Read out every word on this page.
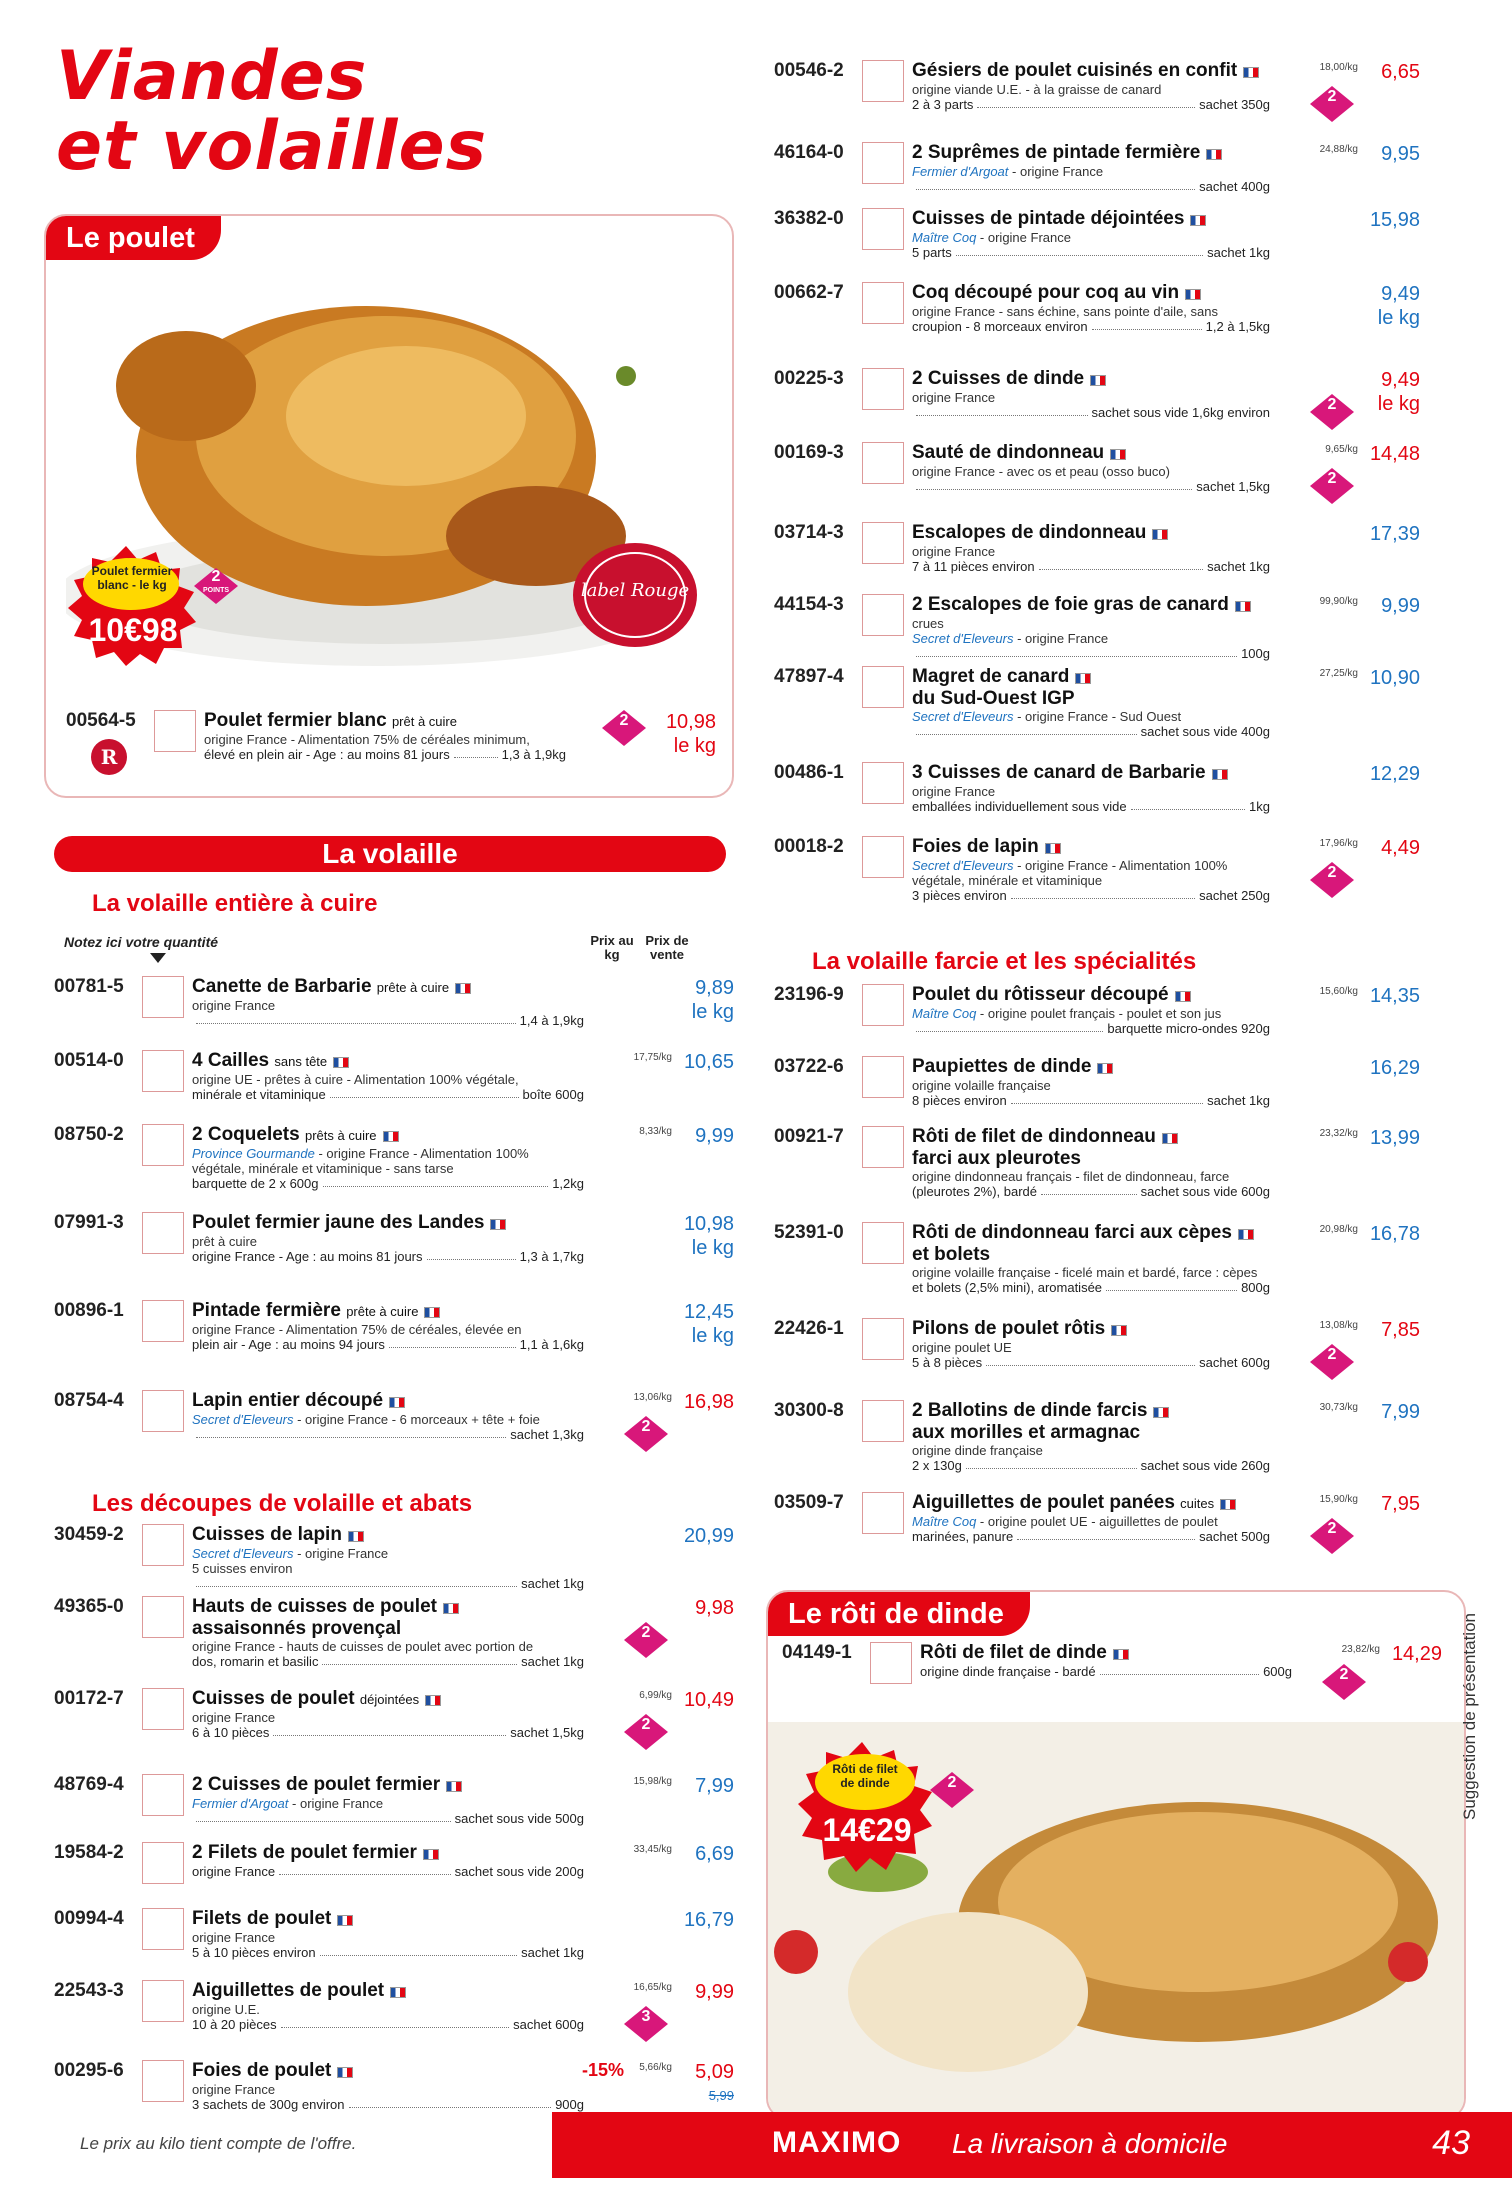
Viandes
et volailles
Le poulet
Poulet fermier blanc - le kg
10€98
2
POINTS	label Rouge
00564-5
R
Poulet fermier blanc prêt à cuire
origine France - Alimentation 75% de céréales minimum,
élevé en plein air - Age : au moins 81 jours	1,3 à 1,9kg
2	10,98
le kg
La volaille
La volaille entière à cuire
Notez ici votre quantité	Prix au kg
Prix de vente
00781-5	Canette de Barbarie prête à cuire
origine France
1,4 à 1,9kg
9,89
le kg
00514-0	4 Cailles sans tête
origine UE - prêtes à cuire - Alimentation 100% végétale,
minérale et vitaminique	boîte 600g
17,75/kg 10,65
08750-2	2 Coquelets prêts à cuire
Province Gourmande - origine France - Alimentation 100%
végétale, minérale et vitaminique - sans tarse
barquette de 2 x 600g	1,2kg
8,33/kg	9,99
07991-3	Poulet fermier jaune des Landes
prêt à cuire
origine France - Age : au moins 81 jours	1,3 à 1,7kg
10,98
le kg
00896-1	Pintade fermière prête à cuire
origine France - Alimentation 75% de céréales, élevée en
plein air - Age : au moins 94 jours	1,1 à 1,6kg
12,45
le kg
08754-4	Lapin entier découpé
Secret d'Eleveurs - origine France - 6 morceaux + tête + foie
sachet 1,3kg
13,06/kg
2
16,98
30459-2	Cuisses de lapin
Secret d'Eleveurs - origine France
5 cuisses environ
sachet 1kg
20,99
49365-0	Hauts de cuisses de poulet
assaisonnés provençal
origine France - hauts de cuisses de poulet avec portion de
dos, romarin et basilic	sachet 1kg
2
9,98
00172-7	Cuisses de poulet déjointées
origine France
6 à 10 pièces	sachet 1,5kg
6,99/kg
2
10,49
48769-4	2 Cuisses de poulet fermier
Fermier d'Argoat - origine France
sachet sous vide 500g
15,98/kg	7,99
19584-2	2 Filets de poulet fermier
origine France	sachet sous vide 200g
33,45/kg	6,69
00994-4	Filets de poulet
origine France
5 à 10 pièces environ	sachet 1kg
16,79
22543-3	Aiguillettes de poulet
origine U.E.
10 à 20 pièces	sachet 600g
16,65/kg
3
9,99
00295-6	Foies de poulet
origine France
3 sachets de 300g environ	900g
5,66/kg
-15%	5,09
5,99
Les découpes de volaille et abats
00546-2	Gésiers de poulet cuisinés en confit
origine viande U.E. - à la graisse de canard
2 à 3 parts	sachet 350g
18,00/kg
2
6,65
46164-0	2 Suprêmes de pintade fermière
Fermier d'Argoat - origine France
sachet 400g
24,88/kg	9,95
36382-0	Cuisses de pintade déjointées
Maître Coq - origine France
5 parts	sachet 1kg
15,98
00662-7	Coq découpé pour coq au vin
origine France - sans échine, sans pointe d'aile, sans
croupion - 8 morceaux environ	1,2 à 1,5kg
9,49
le kg
00225-3	2 Cuisses de dinde
origine France
sachet sous vide 1,6kg environ	2
9,49
le kg
00169-3	Sauté de dindonneau
origine France - avec os et peau (osso buco)
sachet 1,5kg
9,65/kg
2
14,48
03714-3	Escalopes de dindonneau
origine France
7 à 11 pièces environ	sachet 1kg
17,39
44154-3	2 Escalopes de foie gras de canard
crues
Secret d'Eleveurs - origine France
100g
99,90/kg	9,99
47897-4	Magret de canard
du Sud-Ouest IGP
Secret d'Eleveurs - origine France - Sud Ouest
sachet sous vide 400g
27,25/kg 10,90
00486-1	3 Cuisses de canard de Barbarie
origine France
emballées individuellement sous vide	1kg
12,29
00018-2	Foies de lapin
Secret d'Eleveurs - origine France - Alimentation 100%
végétale, minérale et vitaminique
3 pièces environ	sachet 250g
17,96/kg
2
4,49
23196-9	Poulet du rôtisseur découpé
Maître Coq - origine poulet français - poulet et son jus
barquette micro-ondes 920g
15,60/kg 14,35
03722-6	Paupiettes de dinde
origine volaille française
8 pièces environ	sachet 1kg
16,29
00921-7	Rôti de filet de dindonneau
farci aux pleurotes
origine dindonneau français - filet de dindonneau, farce
(pleurotes 2%), bardé	sachet sous vide 600g
23,32/kg 13,99
52391-0	Rôti de dindonneau farci aux cèpes
et bolets
origine volaille française - ficelé main et bardé, farce : cèpes
et bolets (2,5% mini), aromatisée	800g
20,98/kg 16,78
22426-1	Pilons de poulet rôtis
origine poulet UE
5 à 8 pièces	sachet 600g
13,08/kg
2
7,85
30300-8	2 Ballotins de dinde farcis
aux morilles et armagnac
origine dinde française
2 x 130g	sachet sous vide 260g
30,73/kg	7,99
03509-7	Aiguillettes de poulet panées cuites
Maître Coq - origine poulet UE - aiguillettes de poulet
marinées, panure	sachet 500g
15,90/kg
2
7,95
La volaille farcie et les spécialités
Le rôti de dinde
Rôti de filet de dinde
14€29
2
04149-1	Rôti de filet de dinde
origine dinde française - bardé	600g
23,82/kg
2
14,29 Suggestion de présentation
Le prix au kilo tient compte de l'offre.	MAXIMO La livraison à domicile	43
